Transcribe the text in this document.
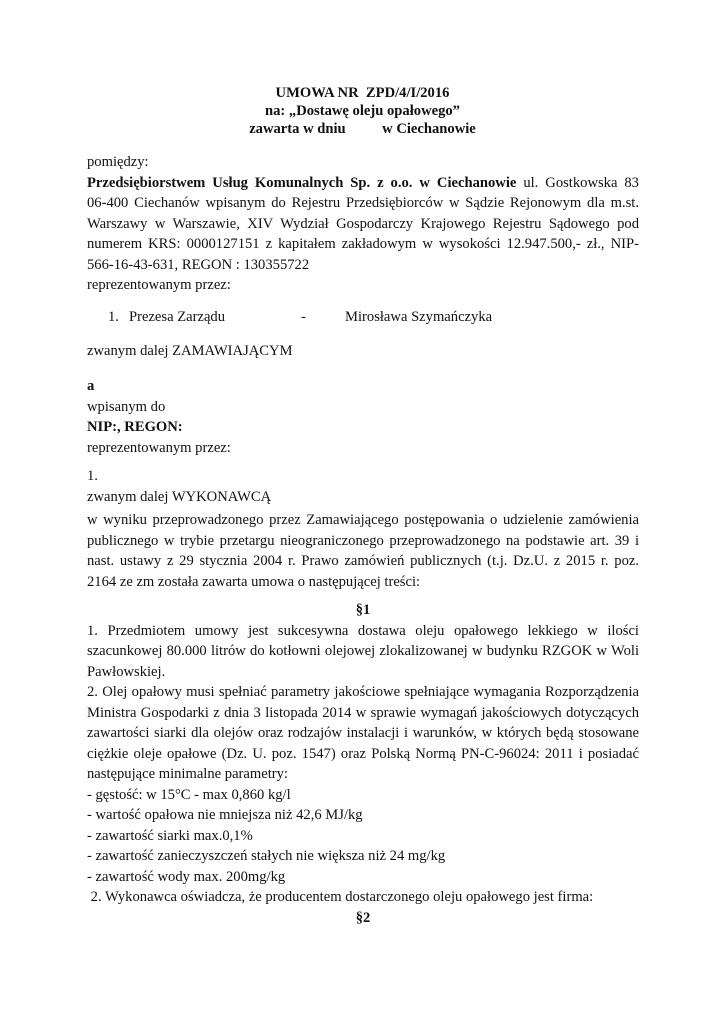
UMOWA NR  ZPD/4/I/2016
na: „Dostawę oleju opałowego”
zawarta w dniu          w Ciechanowie
pomiędzy:
Przedsiębiorstwem Usług Komunalnych Sp. z o.o. w Ciechanowie ul. Gostkowska 83
06-400 Ciechanów wpisanym do Rejestru Przedsiębiorców w Sądzie Rejonowym dla m.st.
Warszawy w Warszawie, XIV Wydział Gospodarczy Krajowego Rejestru Sądowego pod
numerem KRS: 0000127151 z kapitałem zakładowym w wysokości 12.947.500,- zł., NIP-
566-16-43-631, REGON : 130355722
reprezentowanym przez:
1. Prezesa Zarządu	-	Mirosława Szymańczyka
zwanym dalej ZAMAWIAJĄCYM
a
wpisanym do
NIP:, REGON:
reprezentowanym przez:
1.
zwanym dalej WYKONAWCĄ
w wyniku przeprowadzonego przez Zamawiającego postępowania o udzielenie zamówienia
publicznego w trybie przetargu nieograniczonego przeprowadzonego na podstawie art. 39 i
nast. ustawy z 29 stycznia 2004 r. Prawo zamówień publicznych (t.j. Dz.U. z 2015 r. poz.
2164 ze zm została zawarta umowa o następującej treści:
§1
1. Przedmiotem umowy jest sukcesywna dostawa oleju opałowego lekkiego w ilości
szacunkowej 80.000 litrów do kotłowni olejowej zlokalizowanej w budynku RZGOK w Woli
Pawłowskiej.
2. Olej opałowy musi spełniać parametry jakościowe spełniające wymagania Rozporządzenia
Ministra Gospodarki z dnia 3 listopada 2014 w sprawie wymagań jakościowych dotyczących
zawartości siarki dla olejów oraz rodzajów instalacji i warunków, w których będą stosowane
ciężkie oleje opałowe (Dz. U. poz. 1547) oraz Polską Normą PN-C-96024: 2011 i posiadać
następujące minimalne parametry:
- gęstość: w 15°C - max 0,860 kg/l
- wartość opałowa nie mniejsza niż 42,6 MJ/kg
- zawartość siarki max.0,1%
- zawartość zanieczyszczeń stałych nie większa niż 24 mg/kg
- zawartość wody max. 200mg/kg
2. Wykonawca oświadcza, że producentem dostarczonego oleju opałowego jest firma:
§2
